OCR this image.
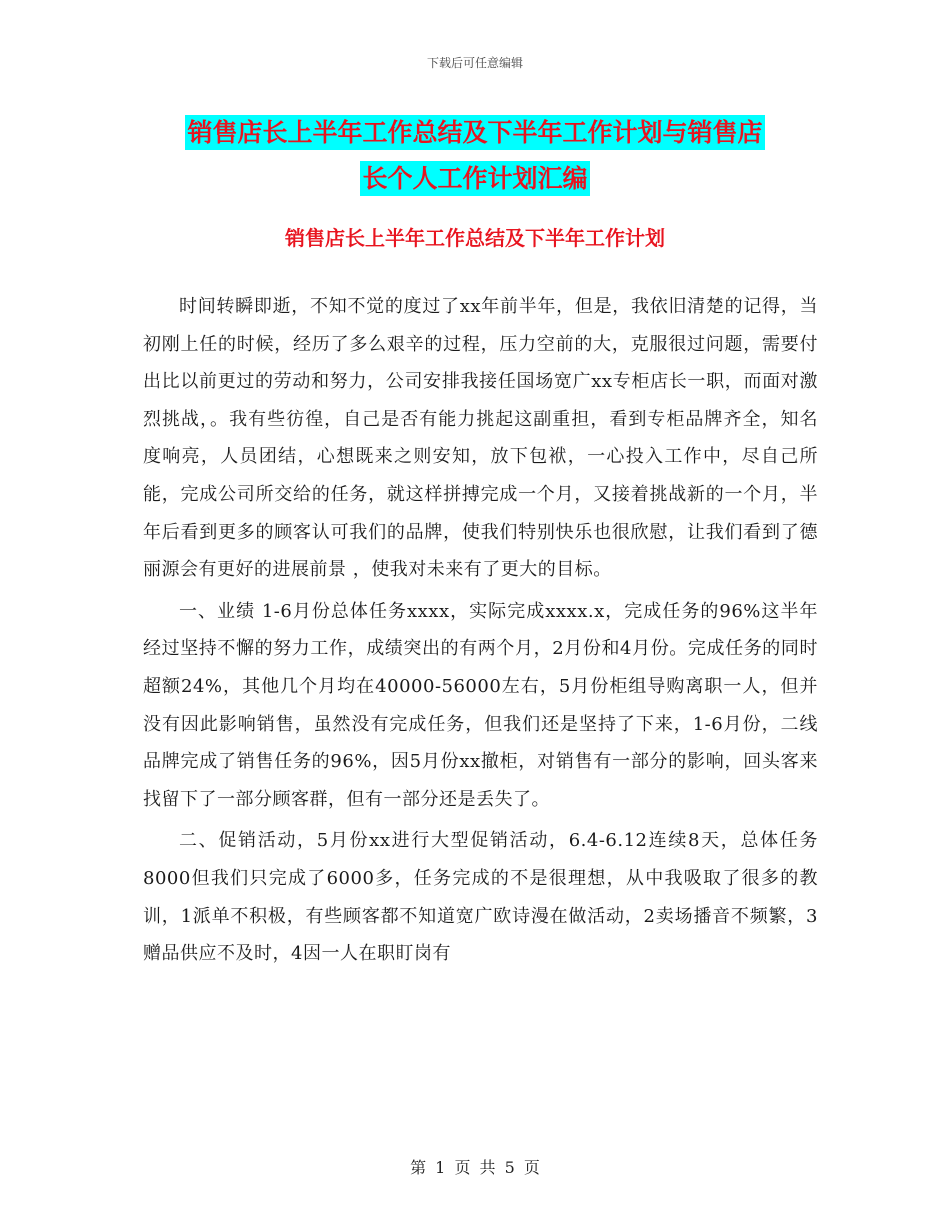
下载后可任意编辑
销售店长上半年工作总结及下半年工作计划与销售店
长个人工作计划汇编
销售店长上半年工作总结及下半年工作计划

时间转瞬即逝，不知不觉的度过了xx年前半年，但是，我依旧清楚的记得，当初刚上任的时候，经历了多么艰辛的过程，压力空前的大，克服很过问题，需要付出比以前更过的劳动和努力，公司安排我接任国场宽广xx专柜店长一职，而面对激烈挑战，。我有些彷徨，自己是否有能力挑起这副重担，看到专柜品牌齐全，知名度响亮，人员团结，心想既来之则安知，放下包袱，一心投入工作中，尽自己所能，完成公司所交给的任务，就这样拼搏完成一个月，又接着挑战新的一个月，半年后看到更多的顾客认可我们的品牌，使我们特别快乐也很欣慰，让我们看到了德丽源会有更好的进展前景 ，使我对未来有了更大的目标。

一、业绩 1-6月份总体任务xxxx，实际完成xxxx.x，完成任务的96%这半年经过坚持不懈的努力工作，成绩突出的有两个月，2月份和4月份。完成任务的同时超额24%，其他几个月均在40000-56000左右，5月份柜组导购离职一人，但并没有因此影响销售，虽然没有完成任务，但我们还是坚持了下来，1-6月份，二线品牌完成了销售任务的96%，因5月份xx撤柜，对销售有一部分的影响，回头客来找留下了一部分顾客群，但有一部分还是丢失了。

二、促销活动，5月份xx进行大型促销活动，6.4-6.12连续8天，总体任务8000但我们只完成了6000多，任务完成的不是很理想，从中我吸取了很多的教训，1派单不积极，有些顾客都不知道宽广欧诗漫在做活动，2卖场播音不频繁，3赠品供应不及时，4因一人在职盯岗有

第 1 页 共 5 页
